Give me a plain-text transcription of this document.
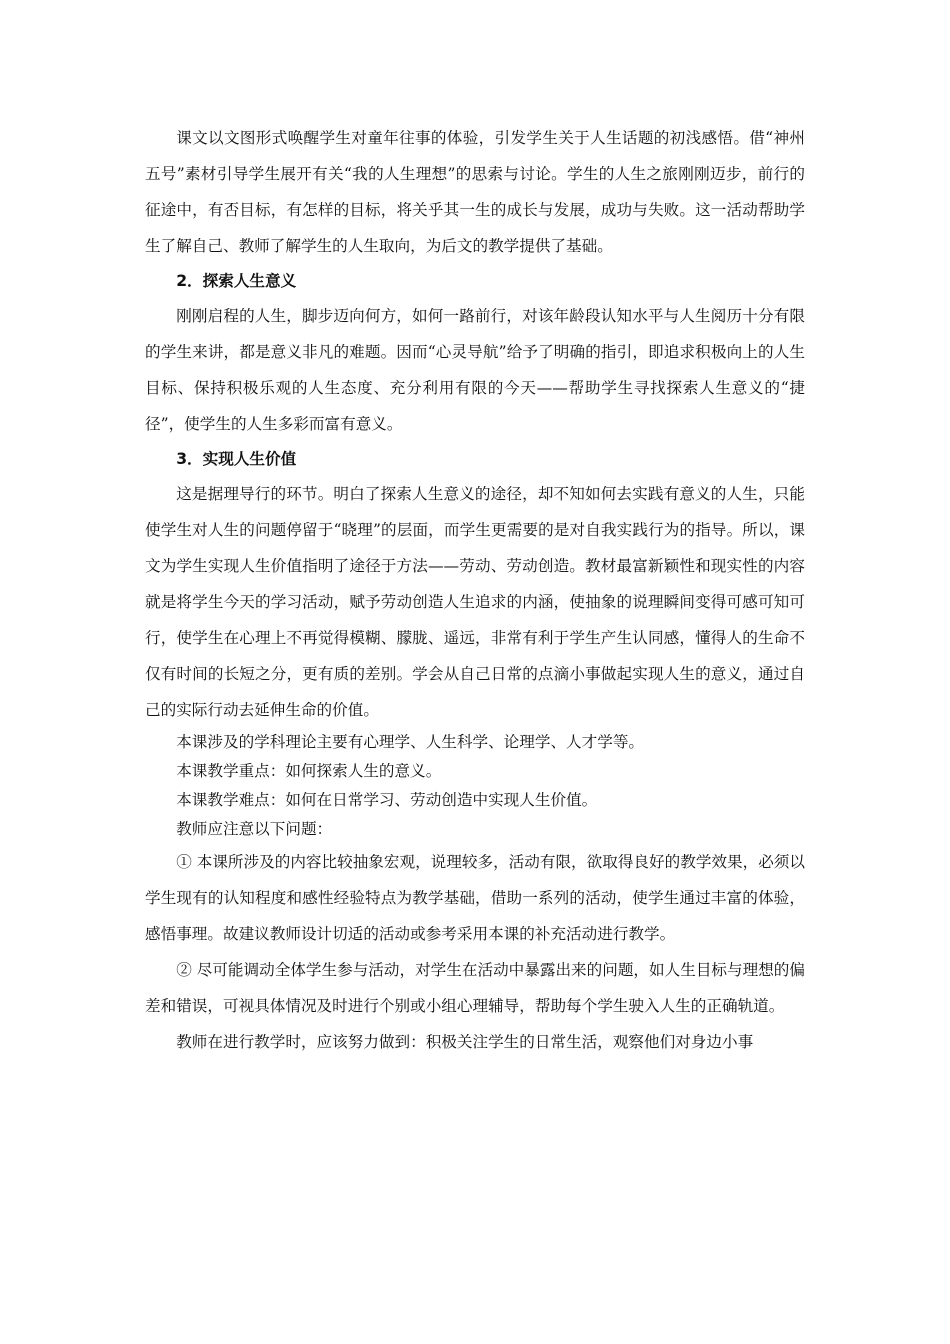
课文以文图形式唤醒学生对童年往事的体验，引发学生关于人生话题的初浅感悟。借“神州五号”素材引导学生展开有关“我的人生理想”的思索与讨论。学生的人生之旅刚刚迈步，前行的征途中，有否目标，有怎样的目标，将关乎其一生的成长与发展，成功与失败。这一活动帮助学生了解自己、教师了解学生的人生取向，为后文的教学提供了基础。

2．探索人生意义

刚刚启程的人生，脚步迈向何方，如何一路前行，对该年龄段认知水平与人生阅历十分有限的学生来讲，都是意义非凡的难题。因而“心灵导航”给予了明确的指引，即追求积极向上的人生目标、保持积极乐观的人生态度、充分利用有限的今天——帮助学生寻找探索人生意义的“捷径”，使学生的人生多彩而富有意义。

3．实现人生价值

这是据理导行的环节。明白了探索人生意义的途径，却不知如何去实践有意义的人生，只能使学生对人生的问题停留于“晓理”的层面，而学生更需要的是对自我实践行为的指导。所以，课文为学生实现人生价值指明了途径于方法——劳动、劳动创造。教材最富新颖性和现实性的内容就是将学生今天的学习活动，赋予劳动创造人生追求的内涵，使抽象的说理瞬间变得可感可知可行，使学生在心理上不再觉得模糊、朦胧、遥远，非常有利于学生产生认同感，懂得人的生命不仅有时间的长短之分，更有质的差别。学会从自己日常的点滴小事做起实现人生的意义，通过自己的实际行动去延伸生命的价值。

本课涉及的学科理论主要有心理学、人生科学、论理学、人才学等。

本课教学重点：如何探索人生的意义。

本课教学难点：如何在日常学习、劳动创造中实现人生价值。

教师应注意以下问题：

① 本课所涉及的内容比较抽象宏观，说理较多，活动有限，欲取得良好的教学效果，必须以学生现有的认知程度和感性经验特点为教学基础，借助一系列的活动，使学生通过丰富的体验，感悟事理。故建议教师设计切适的活动或参考采用本课的补充活动进行教学。

② 尽可能调动全体学生参与活动，对学生在活动中暴露出来的问题，如人生目标与理想的偏差和错误，可视具体情况及时进行个别或小组心理辅导，帮助每个学生驶入人生的正确轨道。

教师在进行教学时，应该努力做到：积极关注学生的日常生活，观察他们对身边小事
